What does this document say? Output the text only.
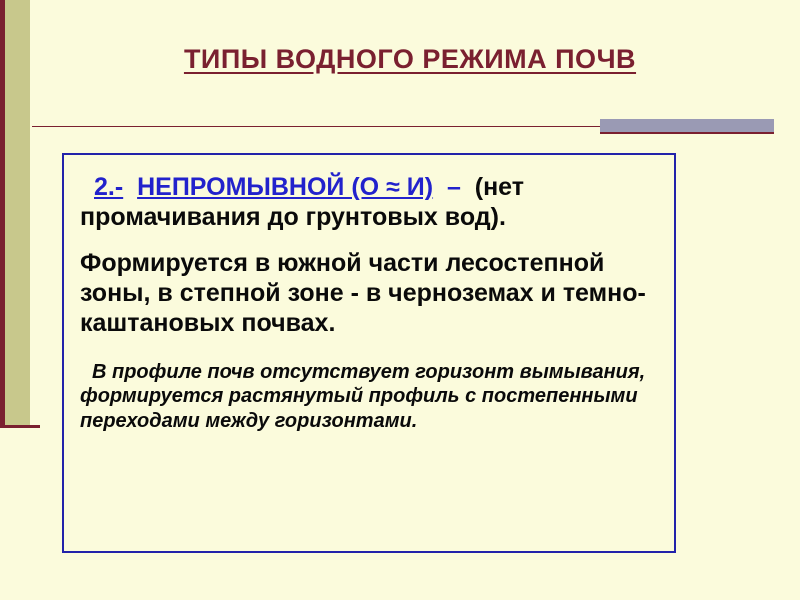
ТИПЫ ВОДНОГО РЕЖИМА ПОЧВ

2.- НЕПРОМЫВНОЙ (О ≈ И) – (нет промачивания до грунтовых вод).

Формируется в южной части лесостепной зоны, в степной зоне - в черноземах и темно-каштановых почвах.

В профиле почв отсутствует горизонт вымывания, формируется растянутый профиль с постепенными переходами между горизонтами.
